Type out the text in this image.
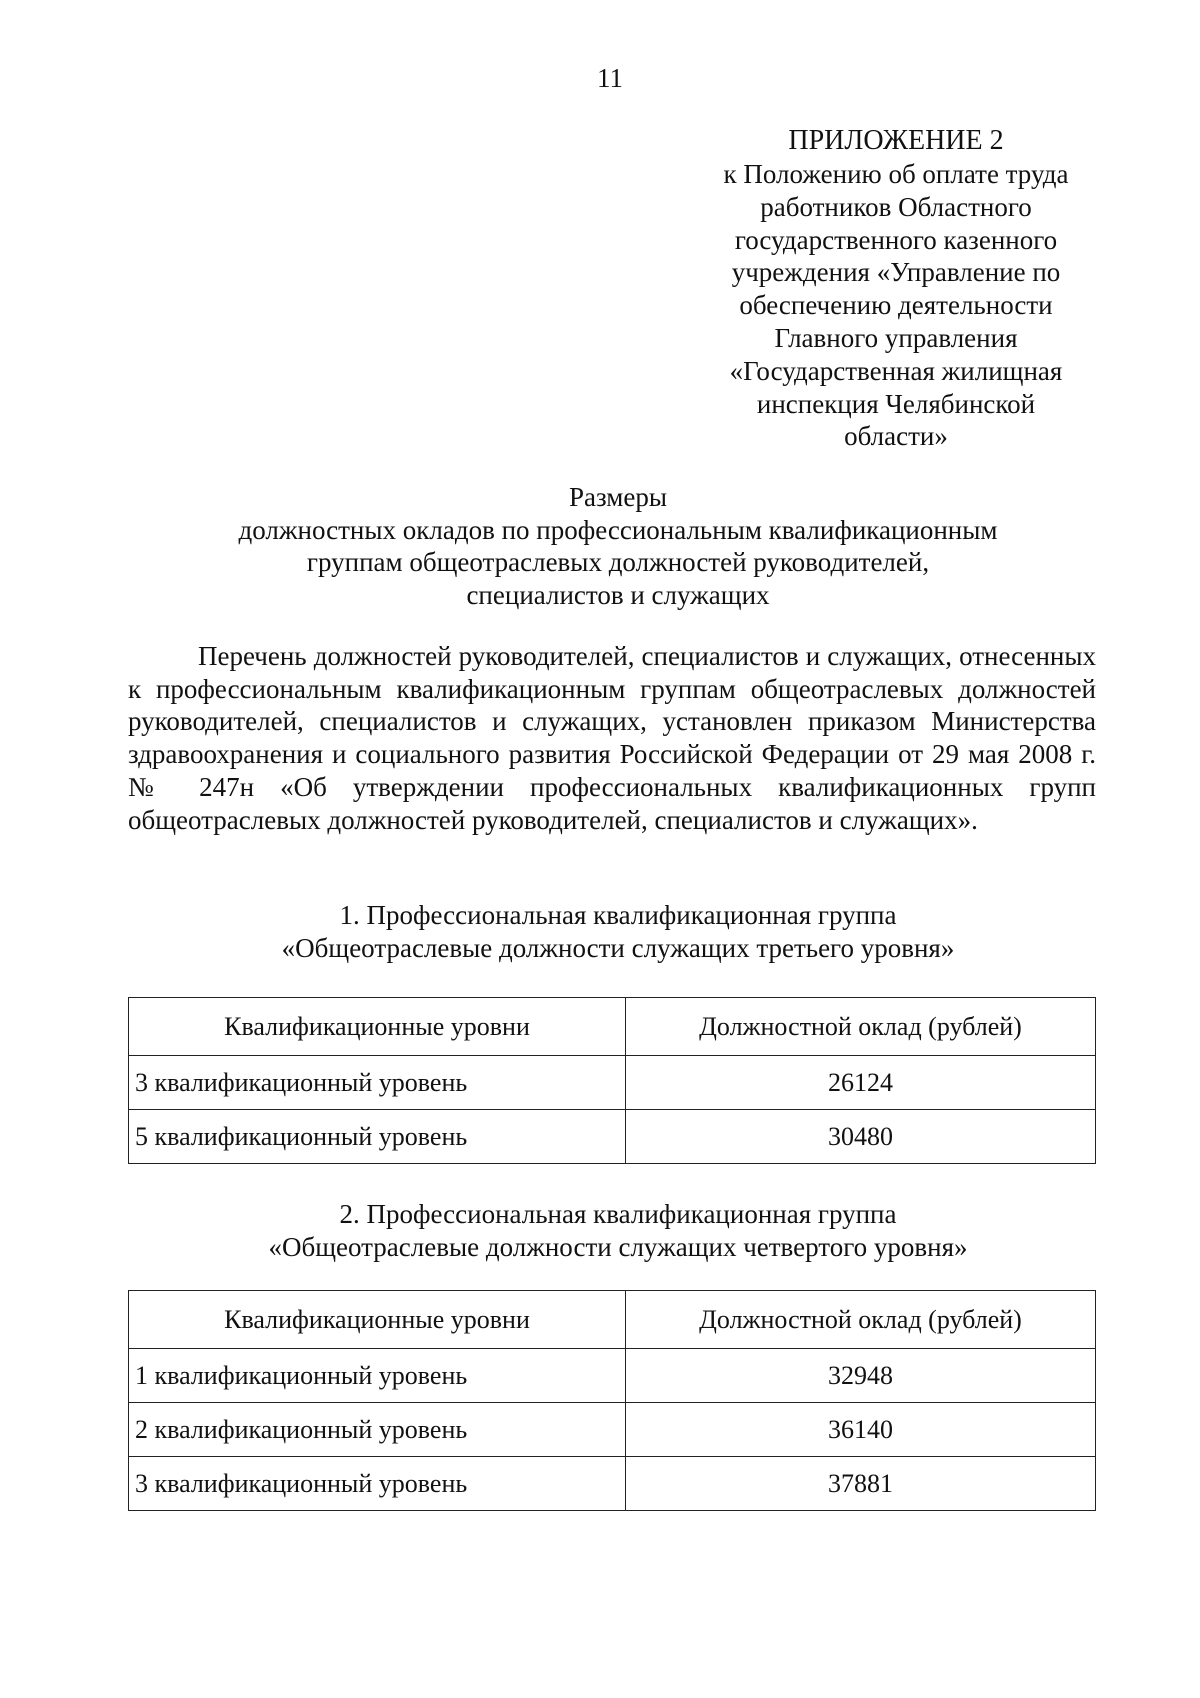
11
ПРИЛОЖЕНИЕ 2
к Положению об оплате труда
работников Областного
государственного казенного
учреждения «Управление по
обеспечению деятельности
Главного управления
«Государственная жилищная
инспекция Челябинской
области»
Размеры
должностных окладов по профессиональным квалификационным
группам общеотраслевых должностей руководителей,
специалистов и служащих
Перечень должностей руководителей, специалистов и служащих, отнесенных к профессиональным квалификационным группам общеотраслевых должностей руководителей, специалистов и служащих, установлен приказом Министерства здравоохранения и социального развития Российской Федерации от 29 мая 2008 г. № 247н «Об утверждении профессиональных квалификационных групп общеотраслевых должностей руководителей, специалистов и служащих».
1. Профессиональная квалификационная группа
«Общеотраслевые должности служащих третьего уровня»
Квалификационные уровни	Должностной оклад (рублей)
3 квалификационный уровень	26124
5 квалификационный уровень	30480
2. Профессиональная квалификационная группа
«Общеотраслевые должности служащих четвертого уровня»
Квалификационные уровни	Должностной оклад (рублей)
1 квалификационный уровень	32948
2 квалификационный уровень	36140
3 квалификационный уровень	37881
